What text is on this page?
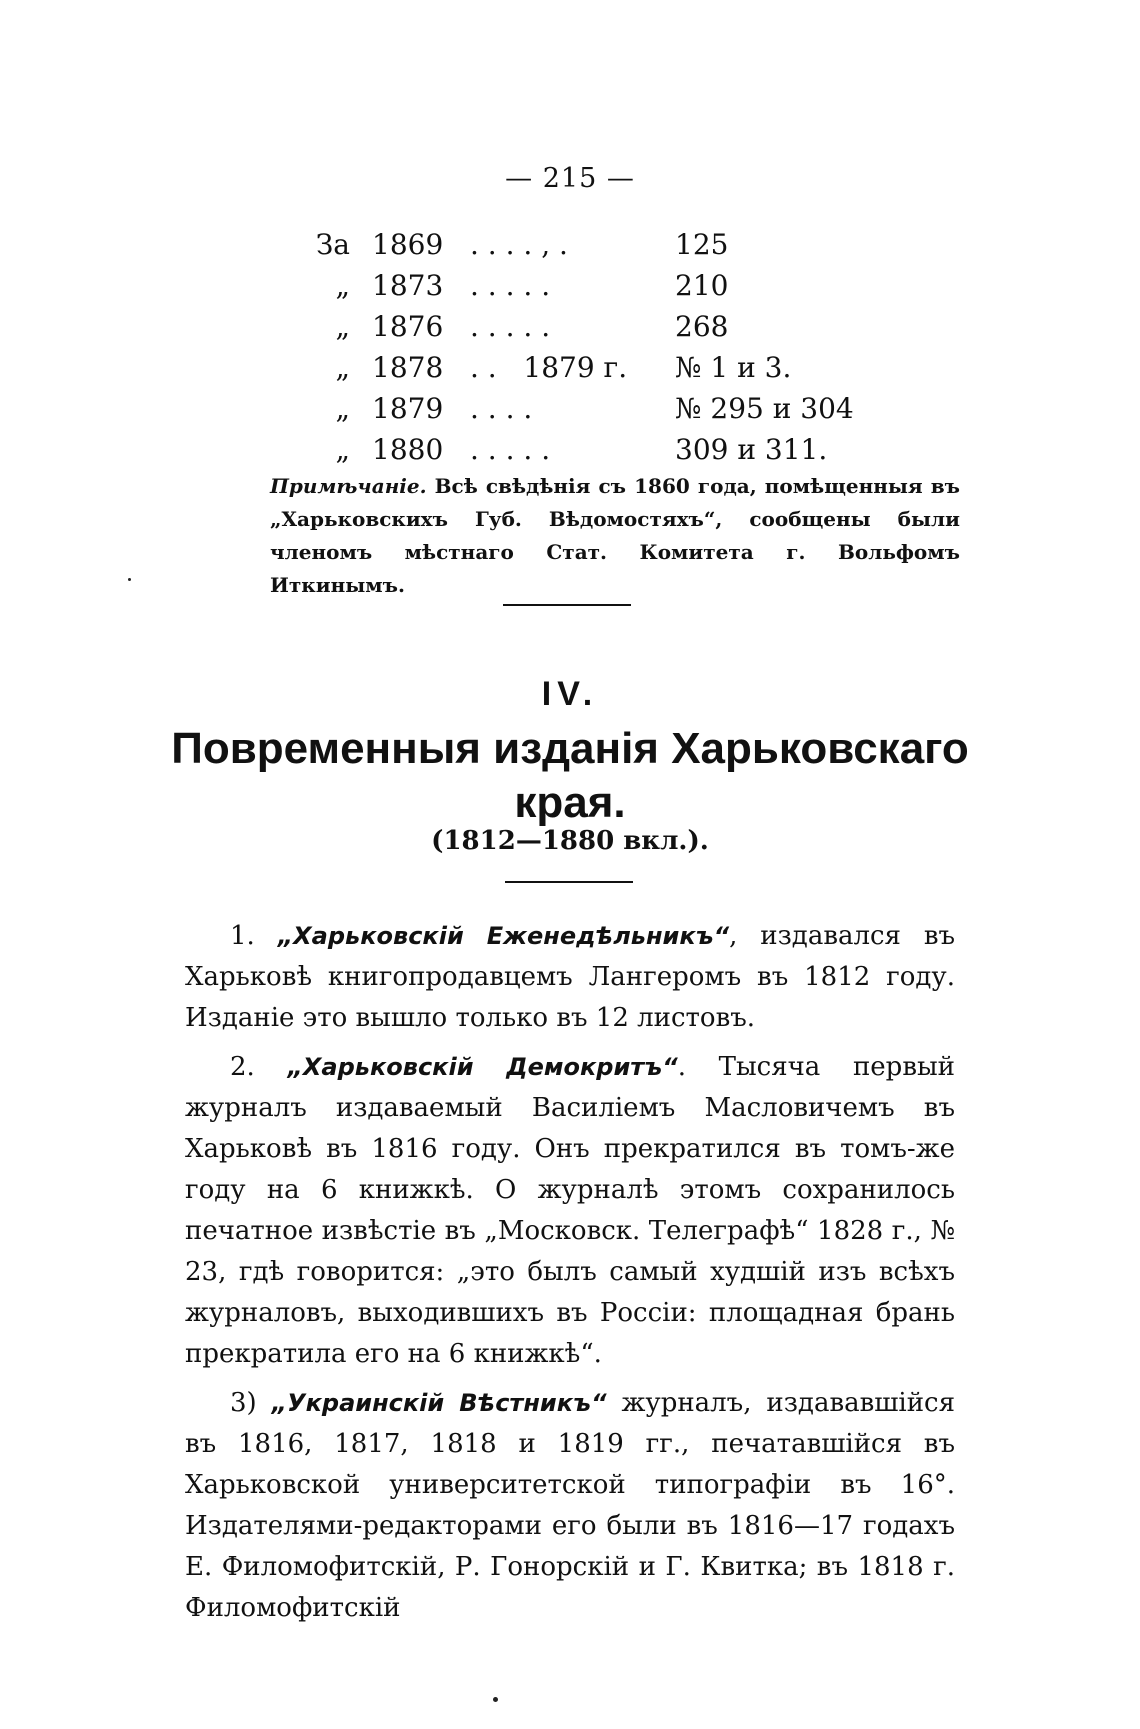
— 215 —
За 1869 . . . . , .	125
„ 1873 . . . . .	210
„ 1876 . . . . .	268
„ 1878 . .   1879 г. № 1 и 3.
„ 1879 . . . .	№ 295 и 304
„ 1880 . . . . .	309 и 311.
Примѣчаніе. Всѣ свѣдѣнія съ 1860 года, помѣщенныя въ „Харьковскихъ Губ. Вѣдомостяхъ“, сообщены были членомъ мѣстнаго Стат. Комитета г. Вольфомъ Иткинымъ.
IV.
Повременныя изданія Харьковскаго края.
(1812—1880 вкл.).

1. „Харьковскій Еженедѣльникъ“, издавался въ Харьковѣ книгопродавцемъ Лангеромъ въ 1812 году. Изданіе это вышло только въ 12 листовъ.

2. „Харьковскій Демокритъ“. Тысяча первый журналъ издаваемый Василіемъ Масловичемъ въ Харьковѣ въ 1816 году. Онъ прекратился въ томъ-же году на 6 книжкѣ. О журналѣ этомъ сохранилось печатное извѣстіе въ „Московск. Телеграфѣ“ 1828 г., № 23, гдѣ говорится: „это былъ самый худшій изъ всѣхъ журналовъ, выходившихъ въ Россіи: площадная брань прекратила его на 6 книжкѣ“.

3) „Украинскій Вѣстникъ“ журналъ, издававшійся въ 1816, 1817, 1818 и 1819 гг., печатавшійся въ Харьковской университетской типографіи въ 16°. Издателями-редакторами его были въ 1816—17 годахъ Е. Филомофитскій, Р. Гонорскій и Г. Квитка; въ 1818 г. Филомофитскій
